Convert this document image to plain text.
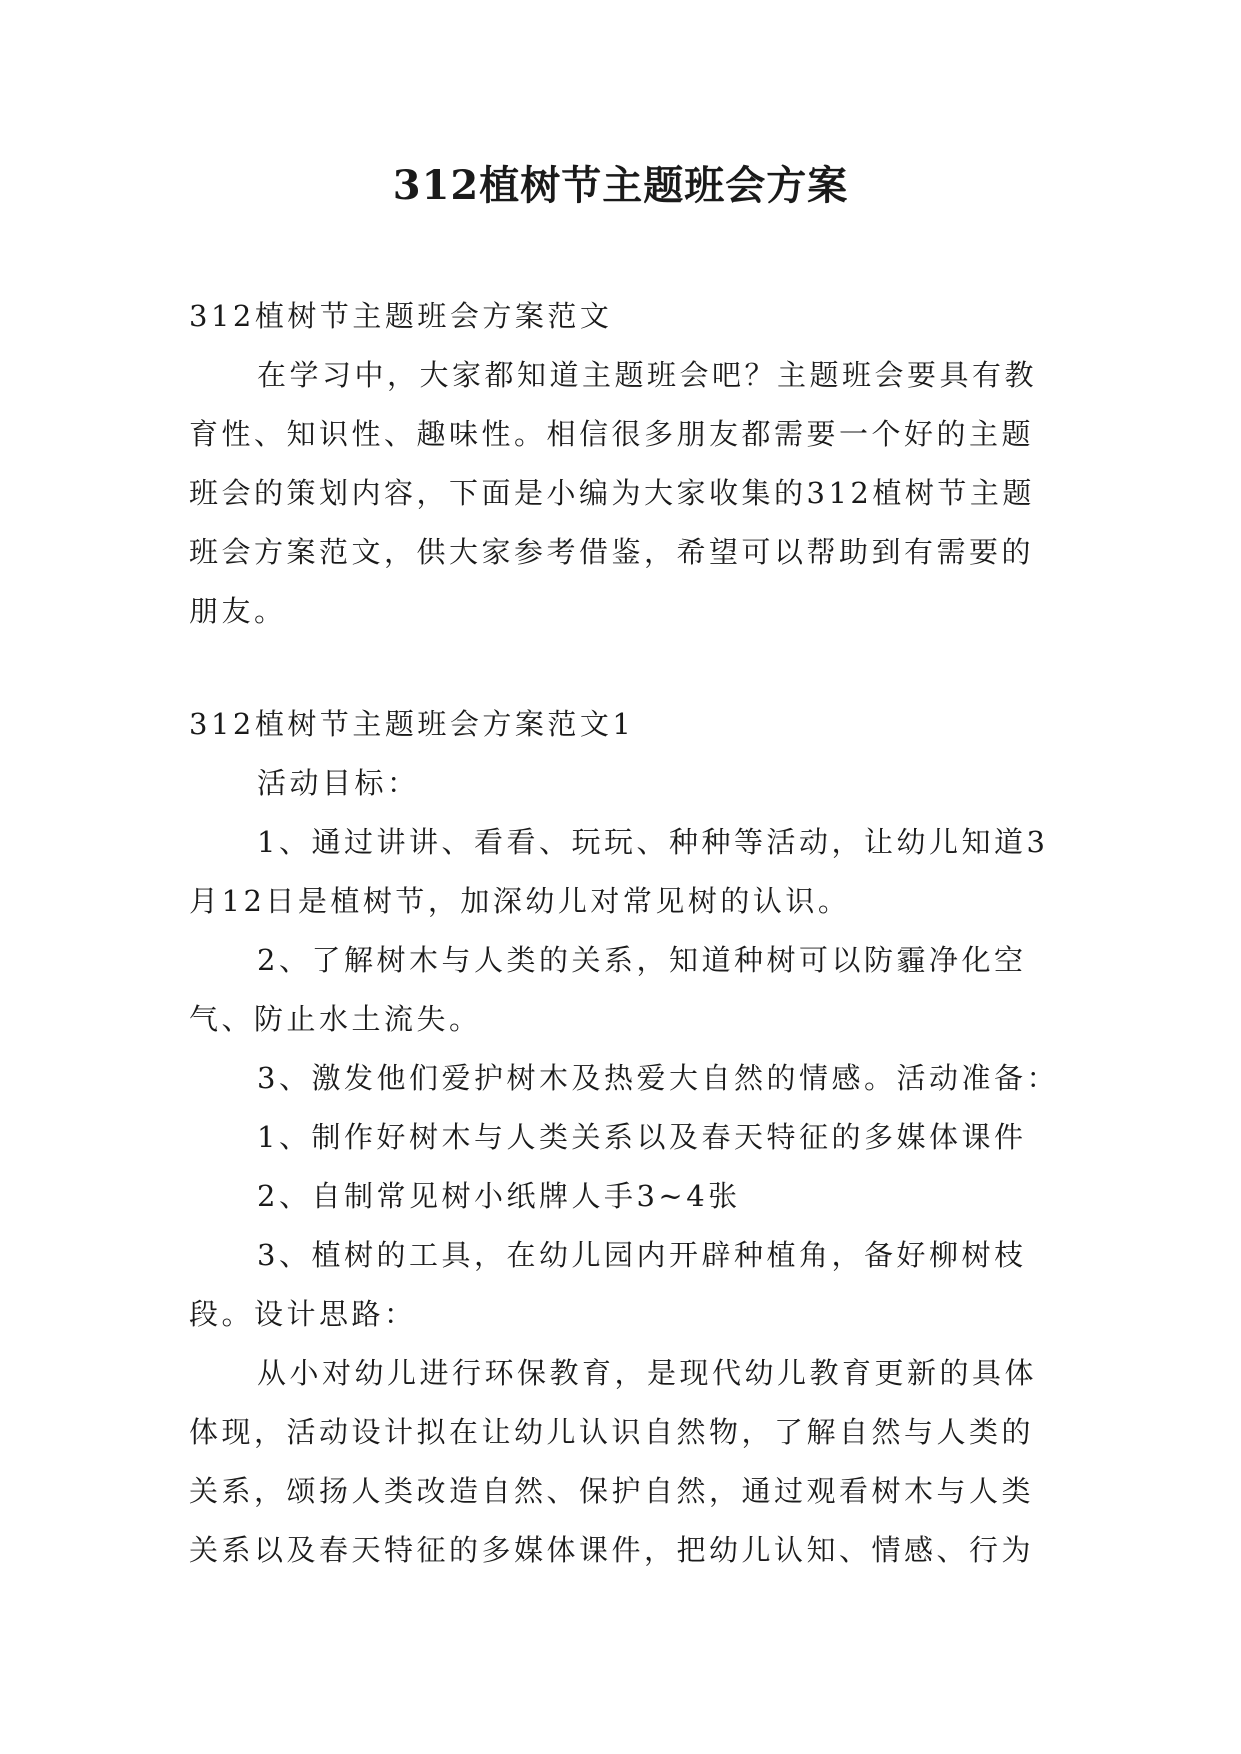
312植树节主题班会方案
312植树节主题班会方案范文
在学习中，大家都知道主题班会吧？主题班会要具有教
育性、知识性、趣味性。相信很多朋友都需要一个好的主题
班会的策划内容，下面是小编为大家收集的312植树节主题
班会方案范文，供大家参考借鉴，希望可以帮助到有需要的
朋友。
312植树节主题班会方案范文1
活动目标：
1、通过讲讲、看看、玩玩、种种等活动，让幼儿知道3
月12日是植树节，加深幼儿对常见树的认识。
2、了解树木与人类的关系，知道种树可以防霾净化空
气、防止水土流失。
3、激发他们爱护树木及热爱大自然的情感。活动准备：
1、制作好树木与人类关系以及春天特征的多媒体课件
2、自制常见树小纸牌人手3~4张
3、植树的工具，在幼儿园内开辟种植角，备好柳树枝
段。设计思路：
从小对幼儿进行环保教育，是现代幼儿教育更新的具体
体现，活动设计拟在让幼儿认识自然物，了解自然与人类的
关系，颂扬人类改造自然、保护自然，通过观看树木与人类
关系以及春天特征的多媒体课件，把幼儿认知、情感、行为
